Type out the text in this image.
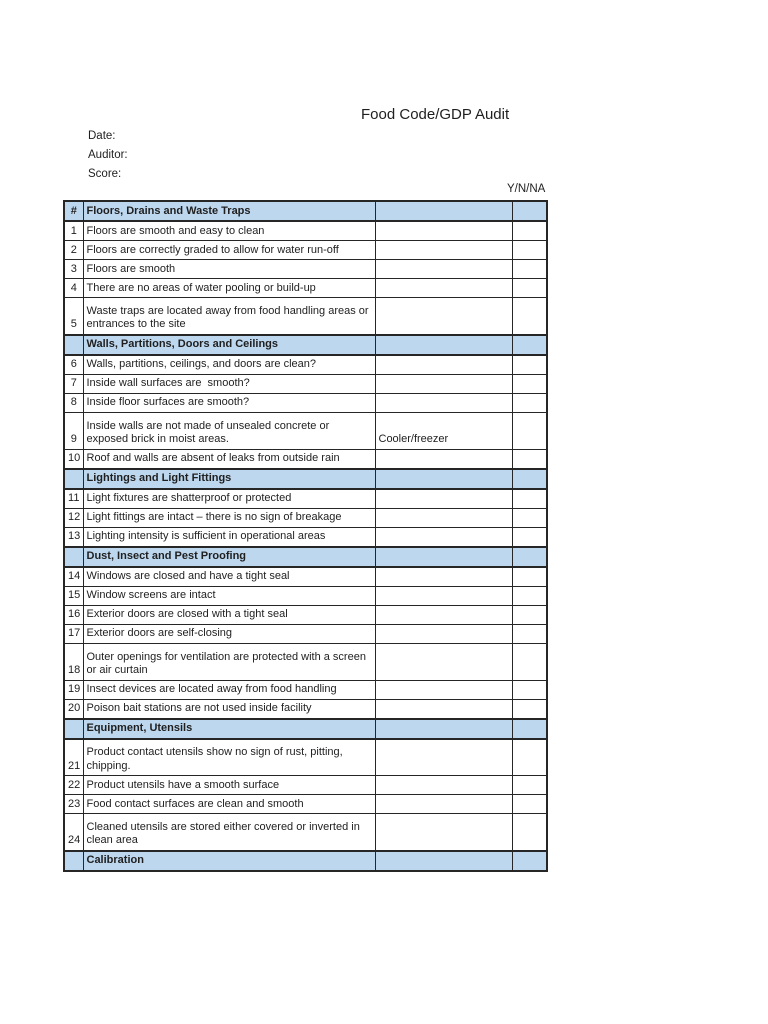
Food Code/GDP Audit
Date:
Auditor:
Score:
Y/N/NA
#	Floors, Drains and Waste Traps		
1	Floors are smooth and easy to clean		
2	Floors are correctly graded to allow for water run-off		
3	Floors are smooth		
4	There are no areas of water pooling or build-up		
5	Waste traps are located away from food handling areas or entrances to the site		
	Walls, Partitions, Doors and Ceilings		
6	Walls, partitions, ceilings, and doors are clean?		
7	Inside wall surfaces are  smooth?		
8	Inside floor surfaces are smooth?		
9	Inside walls are not made of unsealed concrete or exposed brick in moist areas.	Cooler/freezer	
10	Roof and walls are absent of leaks from outside rain		
	Lightings and Light Fittings		
11	Light fixtures are shatterproof or protected		
12	Light fittings are intact – there is no sign of breakage		
13	Lighting intensity is sufficient in operational areas		
	Dust, Insect and Pest Proofing		
14	Windows are closed and have a tight seal		
15	Window screens are intact		
16	Exterior doors are closed with a tight seal		
17	Exterior doors are self-closing		
18	Outer openings for ventilation are protected with a screen or air curtain		
19	Insect devices are located away from food handling		
20	Poison bait stations are not used inside facility		
	Equipment, Utensils		
21	Product contact utensils show no sign of rust, pitting, chipping.		
22	Product utensils have a smooth surface		
23	Food contact surfaces are clean and smooth		
24	Cleaned utensils are stored either covered or inverted in clean area		
	Calibration		
